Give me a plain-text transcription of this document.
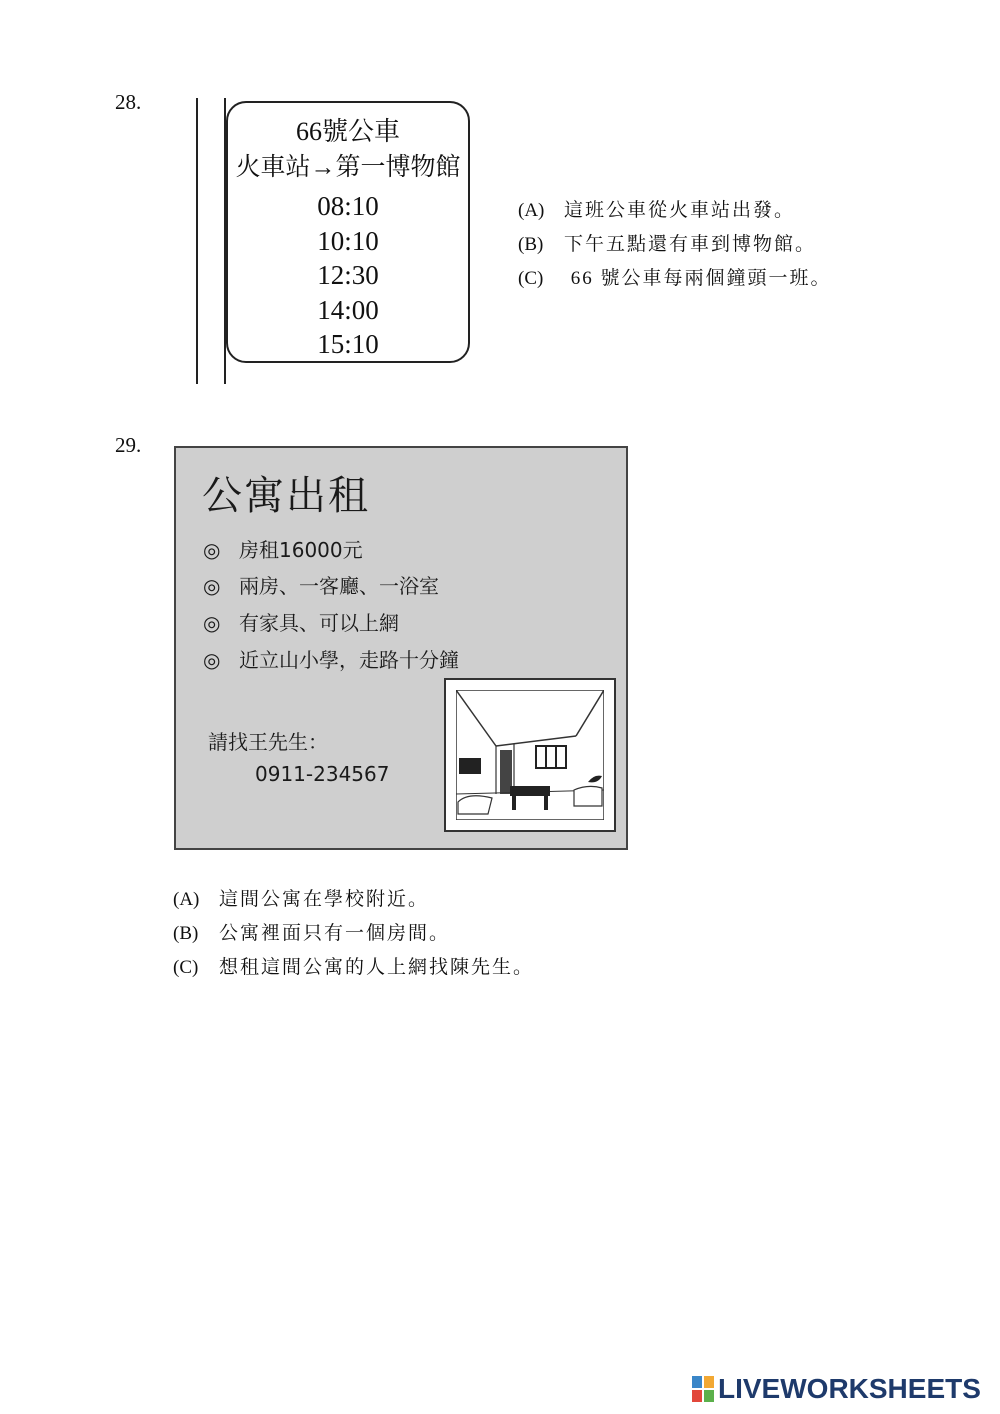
28.
66號公車
火車站→第一博物館
08:10
10:10
12:30
14:00
15:10
(A) 這班公車從火車站出發。
(B) 下午五點還有車到博物館。
(C) 66 號公車每兩個鐘頭一班。
29.
公寓出租
◎ 房租16000元
◎ 兩房、一客廳、一浴室
◎ 有家具、可以上網
◎ 近立山小學，走路十分鐘
請找王先生：
0911-234567
(A) 這間公寓在學校附近。
(B) 公寓裡面只有一個房間。
(C) 想租這間公寓的人上網找陳先生。
LIVEWORKSHEETS
